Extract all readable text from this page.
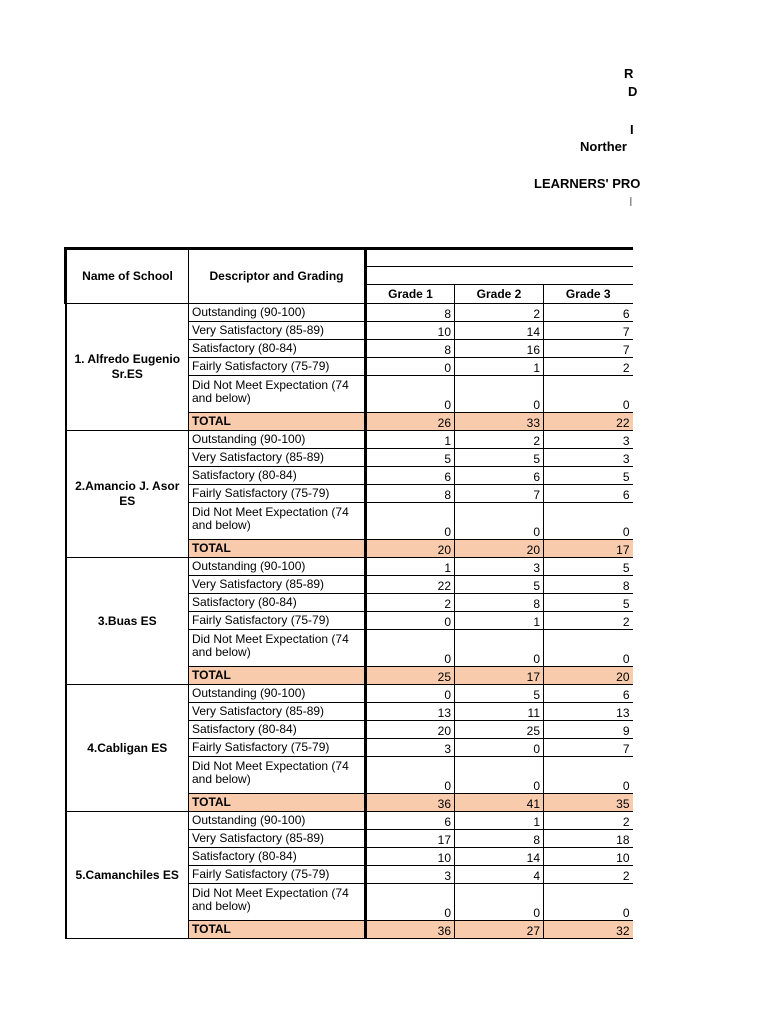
R
D
I
Norther
LEARNERS' PRO
I
Name of School	Descriptor and Grading			

		Grade 1	Grade 2	Grade 3
1. Alfredo Eugenio Sr.ES	Outstanding (90-100)	8	2	6
	Very Satisfactory (85-89)	10	14	7
	Satisfactory (80-84)	8	16	7
	Fairly Satisfactory (75-79)	0	1	2
	Did Not Meet Expectation (74 and below)	0	0	0
	TOTAL	26	33	22
2.Amancio J. Asor ES	Outstanding (90-100)	1	2	3
	Very Satisfactory (85-89)	5	5	3
	Satisfactory (80-84)	6	6	5
	Fairly Satisfactory (75-79)	8	7	6
	Did Not Meet Expectation (74 and below)	0	0	0
	TOTAL	20	20	17
3.Buas ES	Outstanding (90-100)	1	3	5
	Very Satisfactory (85-89)	22	5	8
	Satisfactory (80-84)	2	8	5
	Fairly Satisfactory (75-79)	0	1	2
	Did Not Meet Expectation (74 and below)	0	0	0
	TOTAL	25	17	20
4.Cabligan ES	Outstanding (90-100)	0	5	6
	Very Satisfactory (85-89)	13	11	13
	Satisfactory (80-84)	20	25	9
	Fairly Satisfactory (75-79)	3	0	7
	Did Not Meet Expectation (74 and below)	0	0	0
	TOTAL	36	41	35
5.Camanchiles ES	Outstanding (90-100)	6	1	2
	Very Satisfactory (85-89)	17	8	18
	Satisfactory (80-84)	10	14	10
	Fairly Satisfactory (75-79)	3	4	2
	Did Not Meet Expectation (74 and below)	0	0	0
	TOTAL	36	27	32
